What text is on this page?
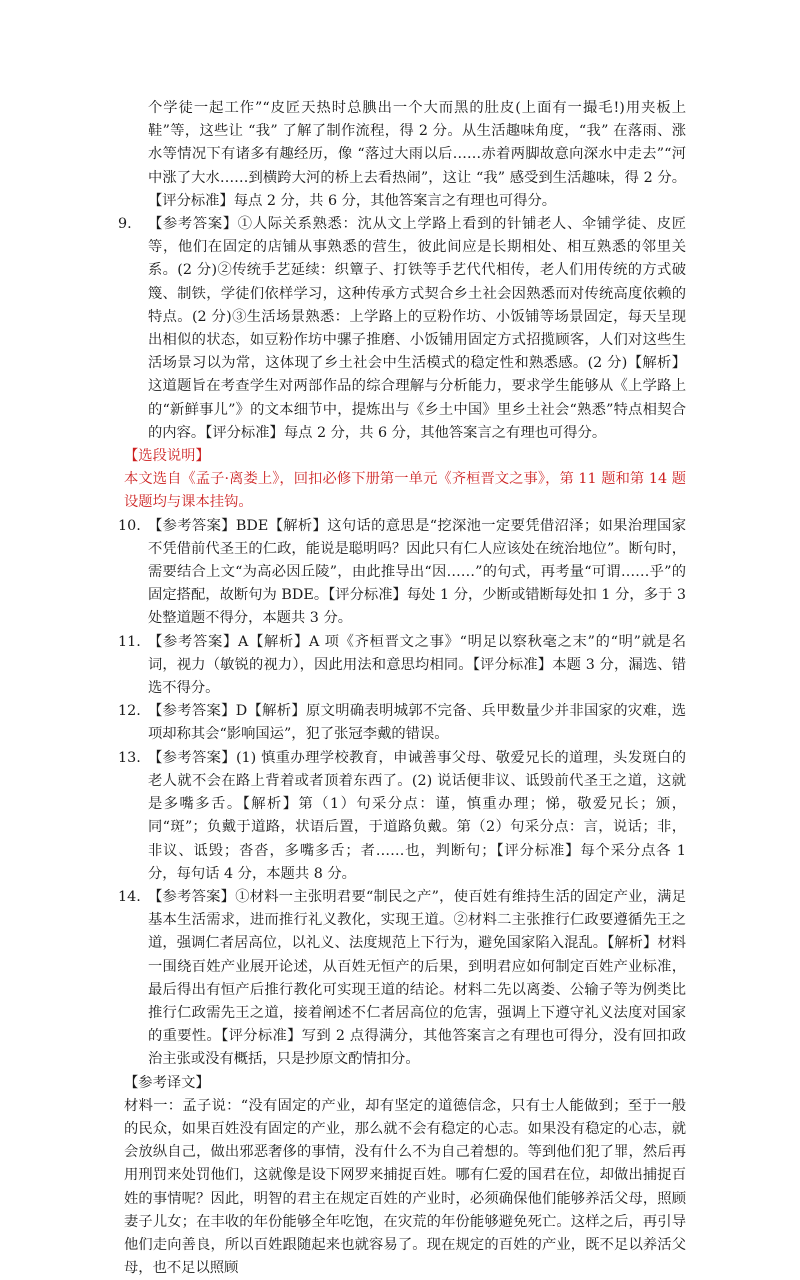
个学徒一起工作”“皮匠天热时总腆出一个大而黑的肚皮(上面有一撮毛!)用夹板上鞋”等，这些让 “我” 了解了制作流程，得 2 分。从生活趣味角度，“我” 在落雨、涨水等情况下有诸多有趣经历，像 “落过大雨以后……赤着两脚故意向深水中走去”“河中涨了大水……到横跨大河的桥上去看热闹”，这让 “我” 感受到生活趣味，得 2 分。【评分标准】每点 2 分，共 6 分，其他答案言之有理也可得分。

9.	【参考答案】①人际关系熟悉：沈从文上学路上看到的针铺老人、伞铺学徒、皮匠等，他们在固定的店铺从事熟悉的营生，彼此间应是长期相处、相互熟悉的邻里关系。(2 分)②传统手艺延续：织簟子、打铁等手艺代代相传，老人们用传统的方式破篾、制铁，学徒们依样学习，这种传承方式契合乡土社会因熟悉而对传统高度依赖的特点。(2 分)③生活场景熟悉：上学路上的豆粉作坊、小饭铺等场景固定，每天呈现出相似的状态，如豆粉作坊中骡子推磨、小饭铺用固定方式招揽顾客，人们对这些生活场景习以为常，这体现了乡土社会中生活模式的稳定性和熟悉感。(2 分)【解析】这道题旨在考查学生对两部作品的综合理解与分析能力，要求学生能够从《上学路上的“新鲜事儿”》的文本细节中，提炼出与《乡土中国》里乡土社会“熟悉”特点相契合的内容。【评分标准】每点 2 分，共 6 分，其他答案言之有理也可得分。

【选段说明】

本文选自《孟子·离娄上》，回扣必修下册第一单元《齐桓晋文之事》，第 11 题和第 14 题设题均与课本挂钩。

10. 【参考答案】BDE【解析】这句话的意思是“挖深池一定要凭借沼泽；如果治理国家不凭借前代圣王的仁政，能说是聪明吗？因此只有仁人应该处在统治地位”。断句时，需要结合上文“为高必因丘陵”，由此推导出“因……”的句式，再考量“可谓……乎”的固定搭配，故断句为 BDE。【评分标准】每处 1 分，少断或错断每处扣 1 分，多于 3 处整道题不得分，本题共 3 分。

11. 【参考答案】A【解析】A 项《齐桓晋文之事》“明足以察秋毫之末”的“明”就是名词，视力（敏锐的视力），因此用法和意思均相同。【评分标准】本题 3 分，漏选、错选不得分。

12. 【参考答案】D【解析】原文明确表明城郭不完备、兵甲数量少并非国家的灾难，选项却称其会“影响国运”，犯了张冠李戴的错误。

13. 【参考答案】(1) 慎重办理学校教育，申诫善事父母、敬爱兄长的道理，头发斑白的老人就不会在路上背着或者顶着东西了。(2) 说话便非议、诋毁前代圣王之道，这就是多嘴多舌。【解析】第（1）句采分点：谨，慎重办理；悌，敬爱兄长；颁，同“斑”；负戴于道路，状语后置，于道路负戴。第（2）句采分点：言，说话；非，非议、诋毁；沓沓，多嘴多舌；者……也，判断句；【评分标准】每个采分点各 1 分，每句话 4 分，本题共 8 分。

14. 【参考答案】①材料一主张明君要“制民之产”，使百姓有维持生活的固定产业，满足基本生活需求，进而推行礼义教化，实现王道。②材料二主张推行仁政要遵循先王之道，强调仁者居高位，以礼义、法度规范上下行为，避免国家陷入混乱。【解析】材料一围绕百姓产业展开论述，从百姓无恒产的后果，到明君应如何制定百姓产业标准，最后得出有恒产后推行教化可实现王道的结论。材料二先以离娄、公输子等为例类比推行仁政需先王之道，接着阐述不仁者居高位的危害，强调上下遵守礼义法度对国家的重要性。【评分标准】写到 2 点得满分，其他答案言之有理也可得分，没有回扣政治主张或没有概括，只是抄原文酌情扣分。

【参考译文】

材料一：孟子说：“没有固定的产业，却有坚定的道德信念，只有士人能做到；至于一般的民众，如果百姓没有固定的产业，那么就不会有稳定的心志。如果没有稳定的心志，就会放纵自己，做出邪恶奢侈的事情，没有什么不为自己着想的。等到他们犯了罪，然后再用刑罚来处罚他们，这就像是设下网罗来捕捉百姓。哪有仁爱的国君在位，却做出捕捉百姓的事情呢？因此，明智的君主在规定百姓的产业时，必须确保他们能够养活父母，照顾妻子儿女；在丰收的年份能够全年吃饱，在灾荒的年份能够避免死亡。这样之后，再引导他们走向善良，所以百姓跟随起来也就容易了。现在规定的百姓的产业，既不足以养活父母，也不足以照顾
